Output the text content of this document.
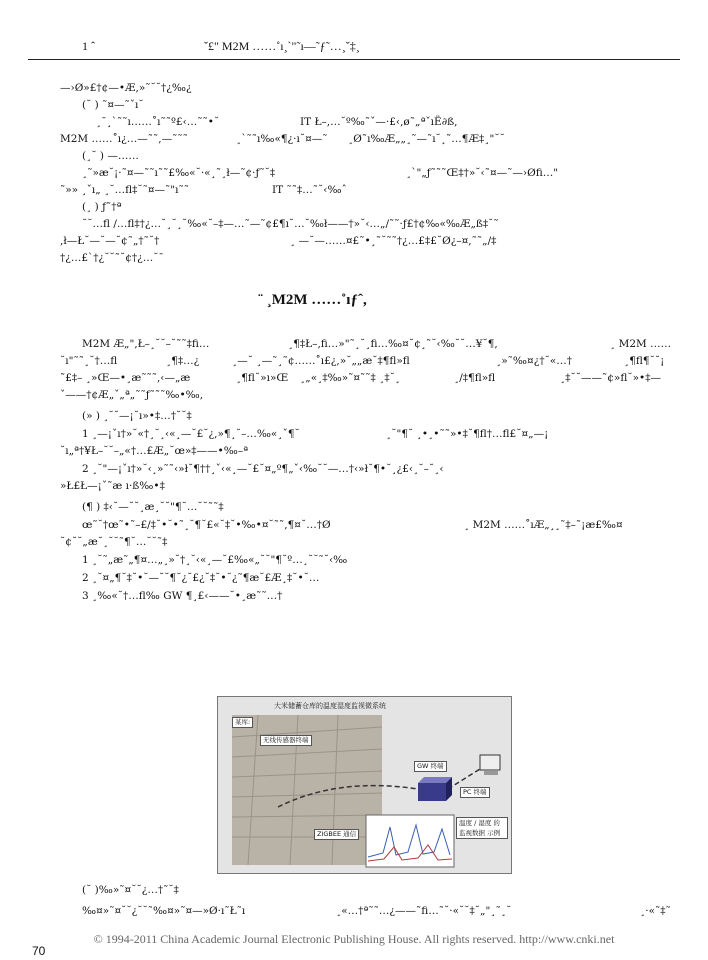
1 ˆ	ˇ£" M2M ……˚ı¸ˋ"˜ı—˜ƒ˜…¸ˇ‡¸
—›Ø»£†¢—•Æ,»˜˘˘†¿‰¿
(˘ ) ˜¤—˜ˇı˘
¸ˉ¸ˋ˜˜ı……˚ı˜˜º£‹…˜˜•˘	IT Ł–,…˘º‰˜ˇ—·£‹,ø˜„ªˇıË∂ß,
M2M ……˚ı¿…—˜˜,—˜˜˜	¸ˋ˜˜ı‰«¶¿·ı˘¤—˜ ¸Ø˜ı‰Æ„„¸˜—˜ı˘¸˜…¶Æ‡¸"˘˘
(¸˘ ) —……
¸˜»æ˘¡·˜¤—˜˜ı˜˜£‰«˘·«¸˜¸ł—˜¢·ƒ˜˘‡	¸ˋ"„ƒ˜˜˜Œ‡†»˘‹˜¤—˜—›Øfi…"
˜»» ¸ˇı„ ¸˘…fl‡˘˜¤—˜"ı˜˜	IT ˜˜‡…˜˘‹‰ˆ
(¸ ) ƒ˜†ª
˘˘…fl /…fl‡†¿…˘¸˘¸˘‰«˘–‡—…˜—˜¢£¶ı˘…˘‰ł——†»˘‹…„/˜˜·ƒ£†¢‰«‰Æ„ß‡˘˜
,ł—Ł˘—˘—˘¢˜„†˜˘†	¸ —˘—……¤£˜•¸˜˘˜˜†¿…£‡£˘Ø¿–¤,˜˜„/‡
†¿…£ˋ†¿˘˘˜˘¢†¿…˘ˉ
¨ ¸M2M ……˚ıƒˆ,
M2M Æ„"‚Ł–¸˘˘–˘˜˜‡fi…	¸¶‡Ł–,fi…»"˜¸˘¸fi…‰¤˘¢¸˜˘‹‰˘˘…¥˘¶,	¸ M2M ……
˘ı"˜˜¸˘†…fl	¸¶‡…¿	¸—˘ ¸—˜¸˜¢……˚ı£¿,»˘„„æ˘‡¶fl»fl	¸»˜‰¤¿†˘«…†	¸¶fl¶˘˘¡
˜£‡– ¸»Œ—•¸æ˜˜˜,‹—„æ	¸¶fl˘»ı»Œ ¸„«¸‡‰»˜¤˜˜‡ ¸‡˘¸	¸/‡¶fl»fl	¸‡˘˘——˜¢»fl˘»•‡—
ˇ——†¢Æ„ˇ„ª„˜˜ƒ˜˜˜‰•‰,
(» ) ¸˘˘—¡˘ı»•‡…†˘˘‡
1 ¸—¡ˇı†»˘«†¸˘¸‹«¸—˘£˘¿,»¶¸˘–…‰«¸ˇ¶˘	¸˘"¶˘ ¸•¸•˜˜»•‡˘¶fl†…fl£˘¤„—¡
˘ı„ª†¥Ł–˘˘–„«†…£Æ„˘œ»‡——•‰–ª
2 ¸˘"—¡ˇı†»˘‹¸»˜˜‹»ł˘¶††¸ˇ‹«¸—˘£˘¤„º¶„ˇ‹‰˘˘—…†‹»ł˘¶•˘¸¿£‹¸˘–˘¸‹
»Ł£Ł—¡ˇ˜æ ı·ß‰•‡
(¶ ) ‡‹˘—˘˘¸æ¸˘˘"¶˘…˘˘˜˜‡
œ˜˘†œ˜•˜–£/‡˘•˘•˜¸˘¶˘£«˘‡˘•‰•¤˘˜˜,¶¤˘…†Ø	¸ M2M ……˚ıÆ„¸¸˜‡–˜¡æ£‰¤
˘¢˘˘„æ˘¸˘˘˜¶˘…˘˘˜‡
1 ¸˘˜„æ˜„¶¤…„¸»˘†¸˘‹«¸—˘£‰«„˘˘"¶˘º…¸˘˘˜˘‹‰
2 ¸˘¤„¶˘‡˘•˘—˘˘¶˘¿˘£¿˘‡˘•˘¿˜¶æ˘£Æ¸‡˘•˘…
3 ¸‰«˘†…fl‰ GW ¶¸£‹——˘•¸æ˜˜…†
大米储蓄仓库的温度湿度监视微系统
某库:
无线传感器终端
ZIGBEE 通信
GW 终端
PC 终端
温度 / 湿度 的监视数据 示例
(˘ )‰»˜¤˘˘¿…†˜˘‡
‰¤»˜¤˘˘¿˘˘˜‰¤»˜¤—»Ø·ı˜Ł˜ı	¸«…†ª˜˜…¿——˜fi…˜˘·«˘˘‡˘„"¸˜¸˘	¸·«˜‡˜
© 1994-2011 China Academic Journal Electronic Publishing House. All rights reserved. http://www.cnki.net
70
